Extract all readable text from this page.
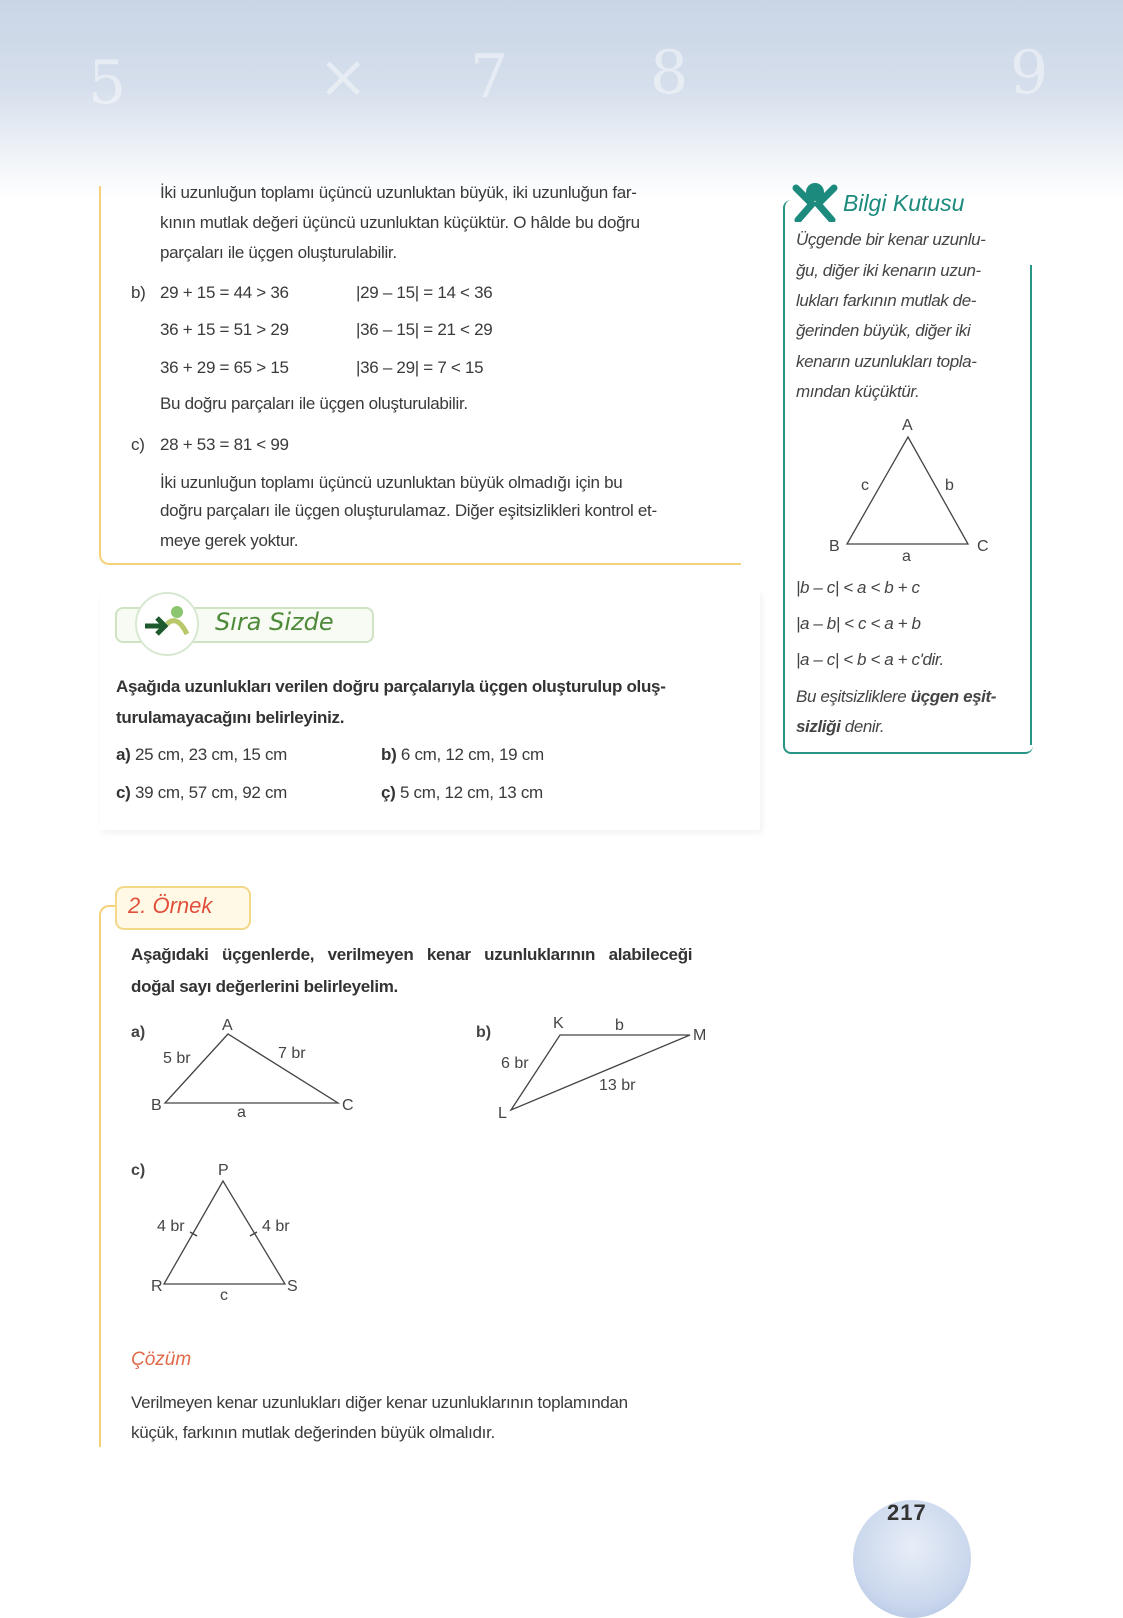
5	× 7 8	9
İki uzunluğun toplamı üçüncü uzunluktan büyük, iki uzunluğun far-
kının mutlak değeri üçüncü uzunluktan küçüktür. O hâlde bu doğru
parçaları ile üçgen oluşturulabilir.
b) 29 + 15 = 44 > 36	|29 – 15| = 14 < 36
36 + 15 = 51 > 29	|36 – 15| = 21 < 29
36 + 29 = 65 > 15	|36 – 29| = 7 < 15
Bu doğru parçaları ile üçgen oluşturulabilir.
c) 28 + 53 = 81 < 99
İki uzunluğun toplamı üçüncü uzunluktan büyük olmadığı için bu
doğru parçaları ile üçgen oluşturulamaz. Diğer eşitsizlikleri kontrol et-
meye gerek yoktur.
Sıra Sizde
Aşağıda uzunlukları verilen doğru parçalarıyla üçgen oluşturulup oluş-
turulamayacağını belirleyiniz.
a) 25 cm, 23 cm, 15 cm	b) 6 cm, 12 cm, 19 cm
c) 39 cm, 57 cm, 92 cm	ç) 5 cm, 12 cm, 13 cm
2. Örnek
Aşağıdaki üçgenlerde, verilmeyen kenar uzunluklarının alabileceği
doğal sayı değerlerini belirleyelim.
a)	A
B	C
5 br	7 br
a
b)
K
M
L
b
6 br
13 br
c)	P
R	S
4 br	4 br
c
A
B	C
a
b
c
Çözüm
Verilmeyen kenar uzunlukları diğer kenar uzunluklarının toplamından
küçük, farkının mutlak değerinden büyük olmalıdır.
Bilgi Kutusu
Üçgende bir kenar uzunlu-
ğu, diğer iki kenarın uzun-
lukları farkının mutlak de-
ğerinden büyük, diğer iki
kenarın uzunlukları topla-
mından küçüktür.
|b – c| < a < b + c
|a – b| < c < a + b
|a – c| < b < a + c'dir.
Bu eşitsizliklere üçgen eşit-
sizliği denir.
217
